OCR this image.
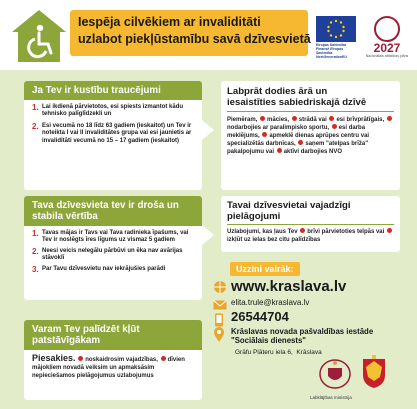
Iespēja cilvēkiem ar invaliditāti
uzlabot piekļūstamību savā dzīvesvietā Eiropas Savienība Finansē Eiropas Savienība NextGenerationEU
2027
Nacionālais attīstības plāns
Ja Tev ir kustību traucējumi
1. Lai ikdienā pārvietotos, esi spiests izmantot kādu tehnisko palīglīdzekli un
2. Esi vecumā no 18 līdz 63 gadiem (ieskaitot) un Tev ir noteikta I vai II invaliditātes grupa vai esi jaunietis ar invaliditāti vecumā no 15 – 17 gadiem (ieskaitot)
Labprāt dodies ārā un
iesaistīties sabiedriskajā dzīvē
Piemēram, mācies, strādā vai esi brīvprātīgais, nodarbojies ar paralimpisko sportu, esi darba meklējums, apmeklē dienas aprūpes centru vai specializētās darbnīcas, saņem "atelpas brīža" pakalpojumu vai aktīvi darbojies NVO
Tava dzīvesvieta tev ir droša un
stabila vērtība
1. Tavas mājas ir Tavs vai Tava radinieka īpašums, vai Tev ir noslēgts īres līgums uz vismaz 5 gadiem
2. Neesi veicis nelegālu pārbūvi un ēka nav avārijas stāvoklī
3. Par Tavu dzīvesvietu nav iekrājušies parādi
Tavai dzīvesvietai vajadzīgi
pielāgojumi
Uzlabojumi, kas ļaus Tev brīvi pārvietoties telpās vai izkļūt uz ielas bez citu palīdzības
Uzzini vairāk:
www.kraslava.lv
elita.trule@kraslava.lv
26544704
Krāslavas novada pašvaldības iestāde
"Sociālais dienests"
Grāfu Plāteru iela 6,  Krāslava
Varam Tev palīdzēt kļūt
patstāvīgākam
Piesakies. noskaidrosim vajadzības, dīvien mājokļiem novadā veiksim un apmaksāsim nepieciešamos pielāgojumus uzlabojumus
Labklājības ministrija
